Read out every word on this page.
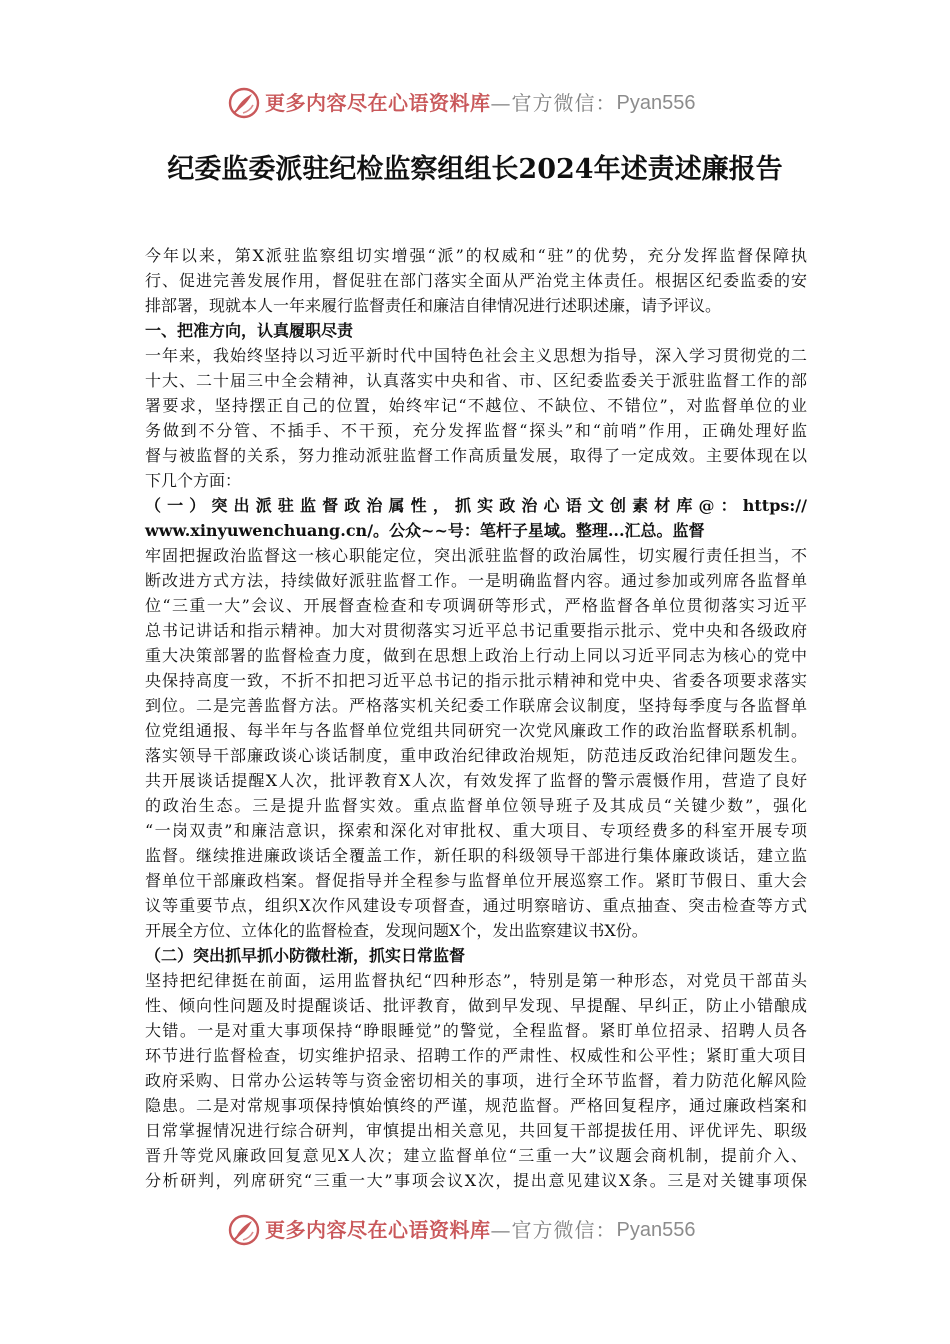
更多内容尽在心语资料库 —官方微信： Pyan556
纪委监委派驻纪检监察组组长2024年述责述廉报告
今年以来，第X派驻监察组切实增强“派”的权威和“驻”的优势，充分发挥监督保障执
行、促进完善发展作用，督促驻在部门落实全面从严治党主体责任。根据区纪委监委的安
排部署，现就本人一年来履行监督责任和廉洁自律情况进行述职述廉，请予评议。
一、把准方向，认真履职尽责
一年来，我始终坚持以习近平新时代中国特色社会主义思想为指导，深入学习贯彻党的二
十大、二十届三中全会精神，认真落实中央和省、市、区纪委监委关于派驻监督工作的部
署要求，坚持摆正自己的位置，始终牢记“不越位、不缺位、不错位”，对监督单位的业
务做到不分管、不插手、不干预，充分发挥监督“探头”和“前哨”作用，正确处理好监
督与被监督的关系，努力推动派驻监督工作高质量发展，取得了一定成效。主要体现在以
下几个方面：
（一）突出派驻监督政治属性，抓实政治心语文创素材库@：https://
www.xinyuwenchuang.cn/。公众~~号：笔杆子星域。整理...汇总。监督
牢固把握政治监督这一核心职能定位，突出派驻监督的政治属性，切实履行责任担当，不
断改进方式方法，持续做好派驻监督工作。一是明确监督内容。通过参加或列席各监督单
位“三重一大”会议、开展督查检查和专项调研等形式，严格监督各单位贯彻落实习近平
总书记讲话和指示精神。加大对贯彻落实习近平总书记重要指示批示、党中央和各级政府
重大决策部署的监督检查力度，做到在思想上政治上行动上同以习近平同志为核心的党中
央保持高度一致，不折不扣把习近平总书记的指示批示精神和党中央、省委各项要求落实
到位。二是完善监督方法。严格落实机关纪委工作联席会议制度，坚持每季度与各监督单
位党组通报、每半年与各监督单位党组共同研究一次党风廉政工作的政治监督联系机制。
落实领导干部廉政谈心谈话制度，重申政治纪律政治规矩，防范违反政治纪律问题发生。
共开展谈话提醒X人次，批评教育X人次，有效发挥了监督的警示震慑作用，营造了良好
的政治生态。三是提升监督实效。重点监督单位领导班子及其成员“关键少数”，强化
“一岗双责”和廉洁意识，探索和深化对审批权、重大项目、专项经费多的科室开展专项
监督。继续推进廉政谈话全覆盖工作，新任职的科级领导干部进行集体廉政谈话，建立监
督单位干部廉政档案。督促指导并全程参与监督单位开展巡察工作。紧盯节假日、重大会
议等重要节点，组织X次作风建设专项督查，通过明察暗访、重点抽查、突击检查等方式
开展全方位、立体化的监督检查，发现问题X个，发出监察建议书X份。
（二）突出抓早抓小防微杜渐，抓实日常监督
坚持把纪律挺在前面，运用监督执纪“四种形态”，特别是第一种形态，对党员干部苗头
性、倾向性问题及时提醒谈话、批评教育，做到早发现、早提醒、早纠正，防止小错酿成
大错。一是对重大事项保持“睁眼睡觉”的警觉，全程监督。紧盯单位招录、招聘人员各
环节进行监督检查，切实维护招录、招聘工作的严肃性、权威性和公平性；紧盯重大项目
政府采购、日常办公运转等与资金密切相关的事项，进行全环节监督，着力防范化解风险
隐患。二是对常规事项保持慎始慎终的严谨，规范监督。严格回复程序，通过廉政档案和
日常掌握情况进行综合研判，审慎提出相关意见，共回复干部提拔任用、评优评先、职级
晋升等党风廉政回复意见X人次；建立监督单位“三重一大”议题会商机制，提前介入、
分析研判，列席研究“三重一大”事项会议X次，提出意见建议X条。三是对关键事项保
更多内容尽在心语资料库 —官方微信： Pyan556
